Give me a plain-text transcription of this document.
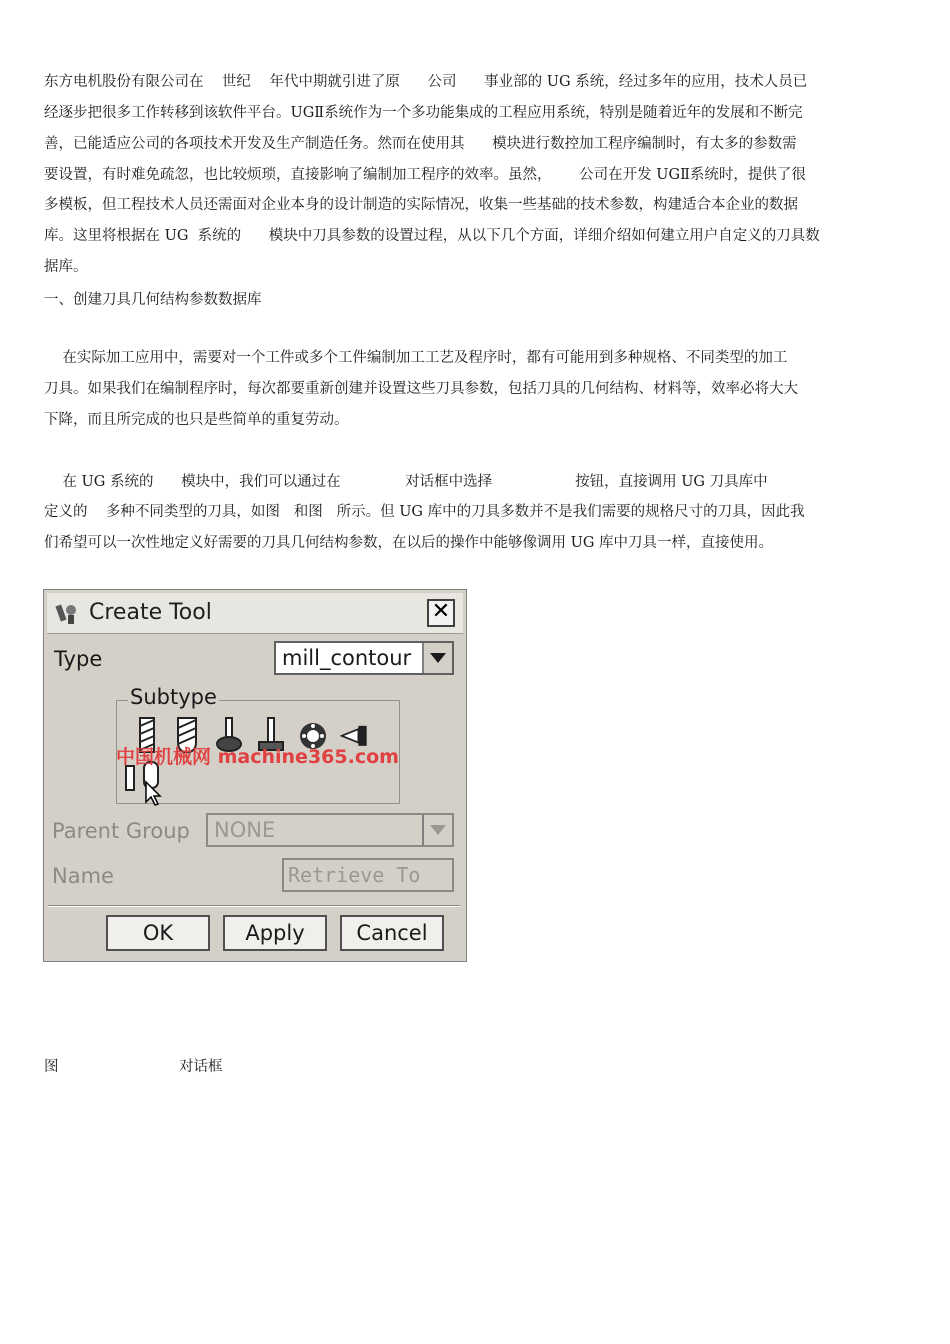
东方电机股份有限公司在    世纪    年代中期就引进了原      公司      事业部的 UG 系统，经过多年的应用，技术人员已
经逐步把很多工作转移到该软件平台。UGⅡ系统作为一个多功能集成的工程应用系统，特别是随着近年的发展和不断完
善，已能适应公司的各项技术开发及生产制造任务。然而在使用其      模块进行数控加工程序编制时，有太多的参数需
要设置，有时难免疏忽，也比较烦琐，直接影响了编制加工程序的效率。虽然，      公司在开发 UGⅡ系统时，提供了很
多模板，但工程技术人员还需面对企业本身的设计制造的实际情况，收集一些基础的技术参数，构建适合本企业的数据
库。这里将根据在 UG  系统的      模块中刀具参数的设置过程，从以下几个方面，详细介绍如何建立用户自定义的刀具数
据库。
一、创建刀具几何结构参数数据库
在实际加工应用中，需要对一个工件或多个工件编制加工工艺及程序时，都有可能用到多种规格、不同类型的加工
刀具。如果我们在编制程序时，每次都要重新创建并设置这些刀具参数，包括刀具的几何结构、材料等，效率必将大大
下降，而且所完成的也只是些简单的重复劳动。
在 UG 系统的      模块中，我们可以通过在              对话框中选择                  按钮，直接调用 UG 刀具库中
定义的    多种不同类型的刀具，如图   和图   所示。但 UG 库中的刀具多数并不是我们需要的规格尺寸的刀具，因此我
们希望可以一次性地定义好需要的刀具几何结构参数，在以后的操作中能够像调用 UG 库中刀具一样，直接使用。
Create Tool	✕
Type	mill_contour
Subtype
中国机械网 machine365.com
Parent Group	NONE
Name	Retrieve To
OK	Apply	Cancel
图	对话框
